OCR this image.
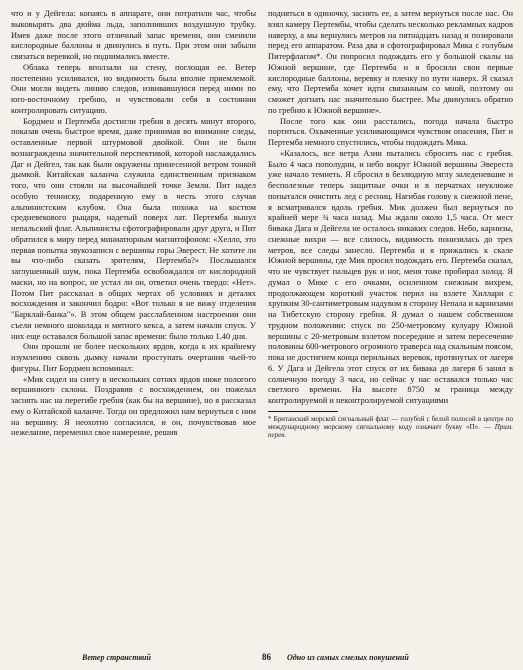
что и у Дейгела: копаясь в аппарате, они потратили час, чтобы выковырять два дюйма льда, заполнивших воздушную трубку. Имея даже после этого отличный запас времени, они сменили кислородные баллоны и двинулись в путь. При этом они забыли связаться веревкой, но поднимались вместе.

Облака теперь вползали на стену, поглощая ее. Ветер постепенно усиливался, но видимость была вполне приемлемой. Они могли видеть линию следов, извивавшуюся перед ними по юго-восточному гребню, и чувствовали себя в состоянии контролировать ситуацию.

Бордмен и Пертемба достигли гребня в десять минут второго, показав очень быстрое время, даже принимая во внимание следы, оставленные первой штурмовой двойкой. Они не были вознаграждены значительной перспективой, которой наслаждались Даг и Дейгел, так как были окружены принесенной ветром тонкой дымкой. Китайская каланча служила единственным признаком того, что они стояли на высочайшей точке Земли. Пит надел особую тенниску, подаренную ему в честь этого случая альпинистским клубом. Она была похожа на костюм средневекового рыцаря, надетый поверх лат. Пертемба вынул непальский флаг. Альпинисты сфотографировали друг друга, и Пит обратился к миру перед миниатюрным магнитофоном: «Хелло, это первая попытка звукозаписи с вершины горы Эверест. Не хотите ли вы что-либо сказать зрителям, Пертемба?» Послышался заглушенный шум, пока Пертемба освобождался от кислородной маски, но на вопрос, не устал ли он, ответил очень твердо: «Нет». Потом Пит рассказал в общих чертах об условиях и деталях восхождения и закончил бодро: «Вот только я не вижу отделения "Барклай-банка"». В этом общем расслабленном настроении они съели немного шоколада и мятного кекса, а затем начали спуск. У них еще оставался большой запас времени: было только 1.40 дня.

Они прошли не более нескольких ярдов, когда к их крайнему изумлению сквозь дымку начали проступать очертания чьей-то фигуры. Пит Бордмен вспоминал:

«Мик сидел на снегу в нескольких сотнях ярдов ниже пологого вершинного склона. Поздравив с восхождением, он пожелал заснять нас на перегибе гребня (как бы на вершине), но я рассказал ему о Китайской каланче. Тогда он предложил нам вернуться с ним на вершину. Я неохотно согласился, и он, почувствовав мое нежелание, переменил свое намерение, решив

подняться в одиночку, заснять ее, а затем вернуться после нас. Он взял камеру Пертембы, чтобы сделать несколько рекламных кадров наверху, а мы вернулись метров на пятнадцать назад и позировали перед его аппаратом. Раза два я сфотографировал Мика с голубым Питерфлагом*. Он попросил подождать его у большой скалы на Южной вершине, где Пертемба и я бросили свои первые кислородные баллоны, веревку и пленку по пути наверх. Я сказал ему, что Пертемба хочет идти связанным со мной, поэтому он сможет догнать нас значительно быстрее. Мы двинулись обратно по гребню к Южной вершине».

После того как они расстались, погода начала быстро портиться. Охваченные усиливающимся чувством опасения, Пит и Пертемба немного спустились, чтобы подождать Мика.

«Казалось, все ветра Азии пытались сбросить нас с гребня. Было 4 часа пополудни, и небо вокруг Южной вершины Эвереста уже начало темнеть. Я сбросил в безлюдную мглу заледеневшие и бесполезные теперь защитные очки и в перчатках неуклюже попытался очистить лед с ресниц. Нагибая голову к снежной пене, я всматривался вдоль гребня. Мик должен был вернуться по крайней мере ¾ часа назад. Мы ждали около 1,5 часа. От мест бивака Дага и Дейгела не осталось никаких следов. Небо, карнизы, снежные вихри — все слилось, видимость понизилась до трех метров, все следы занесло. Пертемба и я прижались к скале Южной вершины, где Мик просил подождать его. Пертемба сказал, что не чувствует пальцев рук и ног, меня тоже пробирал холод. Я думал о Мике с его очками, осиленном снежным вихрем, продолжающем короткий участок перил на взлете Хиллари с хрупким 30-сантиметровым надувом в сторону Непала и карнизами на Тибетскую сторону гребня. Я думал о нашем собственном трудном положении: спуск по 250-метровому кулуару Южной вершины с 20-метровым взлетом посередине и затем пересечение половины 600-метрового огромного траверса над скальным поясом, пока не достигнем конца перильных веревок, протянутых от лагеря 6. У Дага и Дейгела этот спуск от их бивака до лагеря 6 занял в солнечную погоду 3 часа, но сейчас у нас оставался только час светлого времени. На высоте 8750 м граница между контролируемой и неконтролируемой ситуациями

* Британский морской сигнальный флаг — голубой с белой полосой в центре по международному морскому сигнальному коду означает букву «П». — Прим. перев.

Ветер странствий	86 Одно из самых смелых покушений
